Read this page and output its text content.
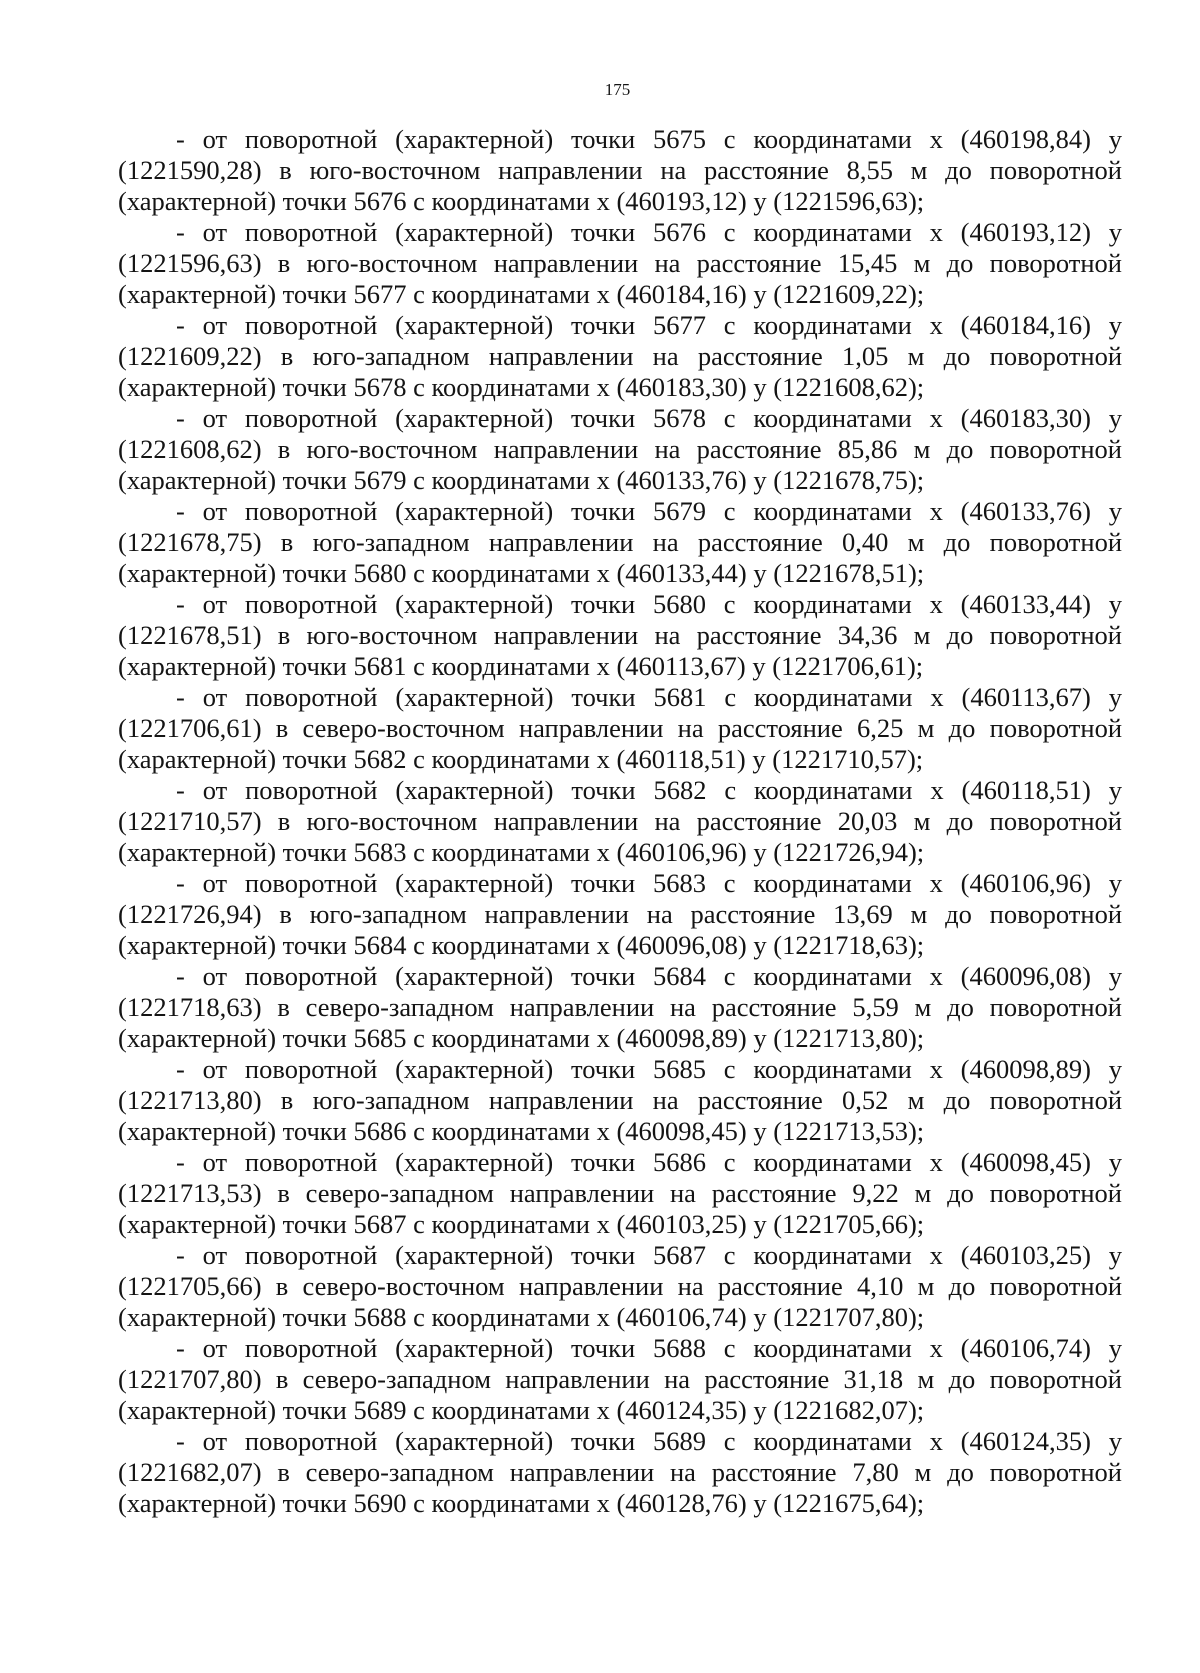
175

- от поворотной (характерной) точки 5675 с координатами x (460198,84) y (1221590,28) в юго-восточном направлении на расстояние 8,55 м до поворотной (характерной) точки 5676 с координатами x (460193,12) y (1221596,63);

- от поворотной (характерной) точки 5676 с координатами x (460193,12) y (1221596,63) в юго-восточном направлении на расстояние 15,45 м до поворотной (характерной) точки 5677 с координатами x (460184,16) y (1221609,22);

- от поворотной (характерной) точки 5677 с координатами x (460184,16) y (1221609,22) в юго-западном направлении на расстояние 1,05 м до поворотной (характерной) точки 5678 с координатами x (460183,30) y (1221608,62);

- от поворотной (характерной) точки 5678 с координатами x (460183,30) y (1221608,62) в юго-восточном направлении на расстояние 85,86 м до поворотной (характерной) точки 5679 с координатами x (460133,76) y (1221678,75);

- от поворотной (характерной) точки 5679 с координатами x (460133,76) y (1221678,75) в юго-западном направлении на расстояние 0,40 м до поворотной (характерной) точки 5680 с координатами x (460133,44) y (1221678,51);

- от поворотной (характерной) точки 5680 с координатами x (460133,44) y (1221678,51) в юго-восточном направлении на расстояние 34,36 м до поворотной (характерной) точки 5681 с координатами x (460113,67) y (1221706,61);

- от поворотной (характерной) точки 5681 с координатами x (460113,67) y (1221706,61) в северо-восточном направлении на расстояние 6,25 м до поворотной (характерной) точки 5682 с координатами x (460118,51) y (1221710,57);

- от поворотной (характерной) точки 5682 с координатами x (460118,51) y (1221710,57) в юго-восточном направлении на расстояние 20,03 м до поворотной (характерной) точки 5683 с координатами x (460106,96) y (1221726,94);

- от поворотной (характерной) точки 5683 с координатами x (460106,96) y (1221726,94) в юго-западном направлении на расстояние 13,69 м до поворотной (характерной) точки 5684 с координатами x (460096,08) y (1221718,63);

- от поворотной (характерной) точки 5684 с координатами x (460096,08) y (1221718,63) в северо-западном направлении на расстояние 5,59 м до поворотной (характерной) точки 5685 с координатами x (460098,89) y (1221713,80);

- от поворотной (характерной) точки 5685 с координатами x (460098,89) y (1221713,80) в юго-западном направлении на расстояние 0,52 м до поворотной (характерной) точки 5686 с координатами x (460098,45) y (1221713,53);

- от поворотной (характерной) точки 5686 с координатами x (460098,45) y (1221713,53) в северо-западном направлении на расстояние 9,22 м до поворотной (характерной) точки 5687 с координатами x (460103,25) y (1221705,66);

- от поворотной (характерной) точки 5687 с координатами x (460103,25) y (1221705,66) в северо-восточном направлении на расстояние 4,10 м до поворотной (характерной) точки 5688 с координатами x (460106,74) y (1221707,80);

- от поворотной (характерной) точки 5688 с координатами x (460106,74) y (1221707,80) в северо-западном направлении на расстояние 31,18 м до поворотной (характерной) точки 5689 с координатами x (460124,35) y (1221682,07);

- от поворотной (характерной) точки 5689 с координатами x (460124,35) y (1221682,07) в северо-западном направлении на расстояние 7,80 м до поворотной (характерной) точки 5690 с координатами x (460128,76) y (1221675,64);
